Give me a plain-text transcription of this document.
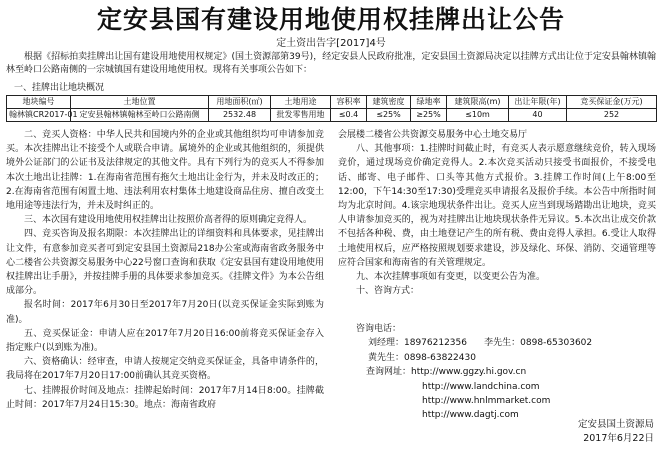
定安县国有建设用地使用权挂牌出让公告
定土资出告字[2017]4号

根据《招标拍卖挂牌出让国有建设用地使用权规定》(国土资源部第39号)，经定安县人民政府批准，定安县国土资源局决定以挂牌方式出让位于定安县翰林镇翰林至岭口公路南侧的一宗城镇国有建设用地使用权。现将有关事项公告如下：

一、挂牌出让地块概况
地块编号	土地位置	用地面积(㎡)	土地用途	容积率	建筑密度	绿地率	建筑限高(m)	出让年限(年)	竞买保证金(万元)
翰林镇CR2017-01	定安县翰林镇翰林至岭口公路南侧	2532.48	批发零售用地	≤0.4	≤25%	≥25%	≤10m	40	252

二、竞买人资格：中华人民共和国境内外的企业或其他组织均可申请参加竞买。本次挂牌出让不接受个人或联合申请。属境外的企业或其他组织的，须提供境外公证部门的公证书及法律规定的其他文件。具有下列行为的竞买人不得参加本次土地出让挂牌：1.在海南省范围有拖欠土地出让金行为，并未及时改正的；2.在海南省范围有闲置土地、违法利用农村集体土地建设商品住房、擅自改变土地用途等违法行为，并未及时纠正的。

三、本次国有建设用地使用权挂牌出让按照价高者得的原则确定竞得人。

四、竞买咨询及报名期限：本次挂牌出让的详细资料和具体要求，见挂牌出让文件，有意参加竞买者可到定安县国土资源局218办公室或海南省政务服务中心二楼省公共资源交易服务中心22号窗口查询和获取《定安县国有建设用地使用权挂牌出让手册》，并按挂牌手册的具体要求参加竞买。《挂牌文件》为本公告组成部分。

报名时间：2017年6月30日至2017年7月20日(以竞买保证金实际到账为准)。

五、竞买保证金：申请人应在2017年7月20日16:00前将竞买保证金存入指定账户(以到账为准)。

六、资格确认：经审查，申请人按规定交纳竞买保证金，具备申请条件的，我局将在2017年7月20日17:00前确认其竞买资格。

七、挂牌报价时间及地点：挂牌起始时间：2017年7月14日8:00。挂牌截止时间：2017年7月24日15:30。地点：海南省政府

会展楼二楼省公共资源交易服务中心土地交易厅

八、其他事项：1.挂牌时间截止时，有竞买人表示愿意继续竞价，转入现场竞价，通过现场竞价确定竞得人。2.本次竞买活动只接受书面报价，不接受电话、邮寄、电子邮件、口头等其他方式报价。3.挂牌工作时间(上午8:00至12:00，下午14:30至17:30)受理竞买申请报名及报价手续。本公告中所指时间均为北京时间。4.该宗地现状条件出让。竞买人应当到现场踏勘出让地块，竞买人申请参加竞买的，视为对挂牌出让地块现状条件无异议。5.本次出让成交价款不包括各种税、费，由土地登记产生的所有税、费由竞得人承担。6.受让人取得土地使用权后，应严格按照规划要求建设，涉及绿化、环保、消防、交通管理等应符合国家和海南省的有关管理规定。

九、本次挂牌事项如有变更，以变更公告为准。

十、咨询方式：

咨询电话：
刘经理：18976212356 李先生：0898-65303602
黄先生：0898-63822430
查询网址：http://www.ggzy.hi.gov.cn
http://www.landchina.com
http://www.hnlmmarket.com
http://www.dagtj.com
定安县国土资源局
2017年6月22日
